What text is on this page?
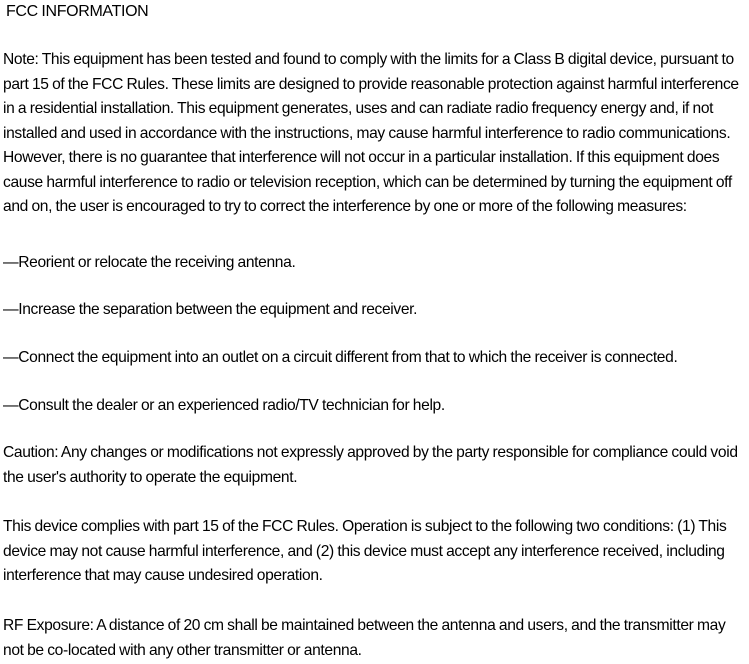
FCC INFORMATION

Note: This equipment has been tested and found to comply with the limits for a Class B digital device, pursuant to part 15 of the FCC Rules. These limits are designed to provide reasonable protection against harmful interference in a residential installation. This equipment generates, uses and can radiate radio frequency energy and, if not installed and used in accordance with the instructions, may cause harmful interference to radio communications. However, there is no guarantee that interference will not occur in a particular installation. If this equipment does cause harmful interference to radio or television reception, which can be determined by turning the equipment off and on, the user is encouraged to try to correct the interference by one or more of the following measures:

—Reorient or relocate the receiving antenna.

—Increase the separation between the equipment and receiver.

—Connect the equipment into an outlet on a circuit different from that to which the receiver is connected.

—Consult the dealer or an experienced radio/TV technician for help.

Caution: Any changes or modifications not expressly approved by the party responsible for compliance could void the user's authority to operate the equipment.

This device complies with part 15 of the FCC Rules. Operation is subject to the following two conditions: (1) This device may not cause harmful interference, and (2) this device must accept any interference received, including interference that may cause undesired operation.

RF Exposure: A distance of 20 cm shall be maintained between the antenna and users, and the transmitter may not be co-located with any other transmitter or antenna.
